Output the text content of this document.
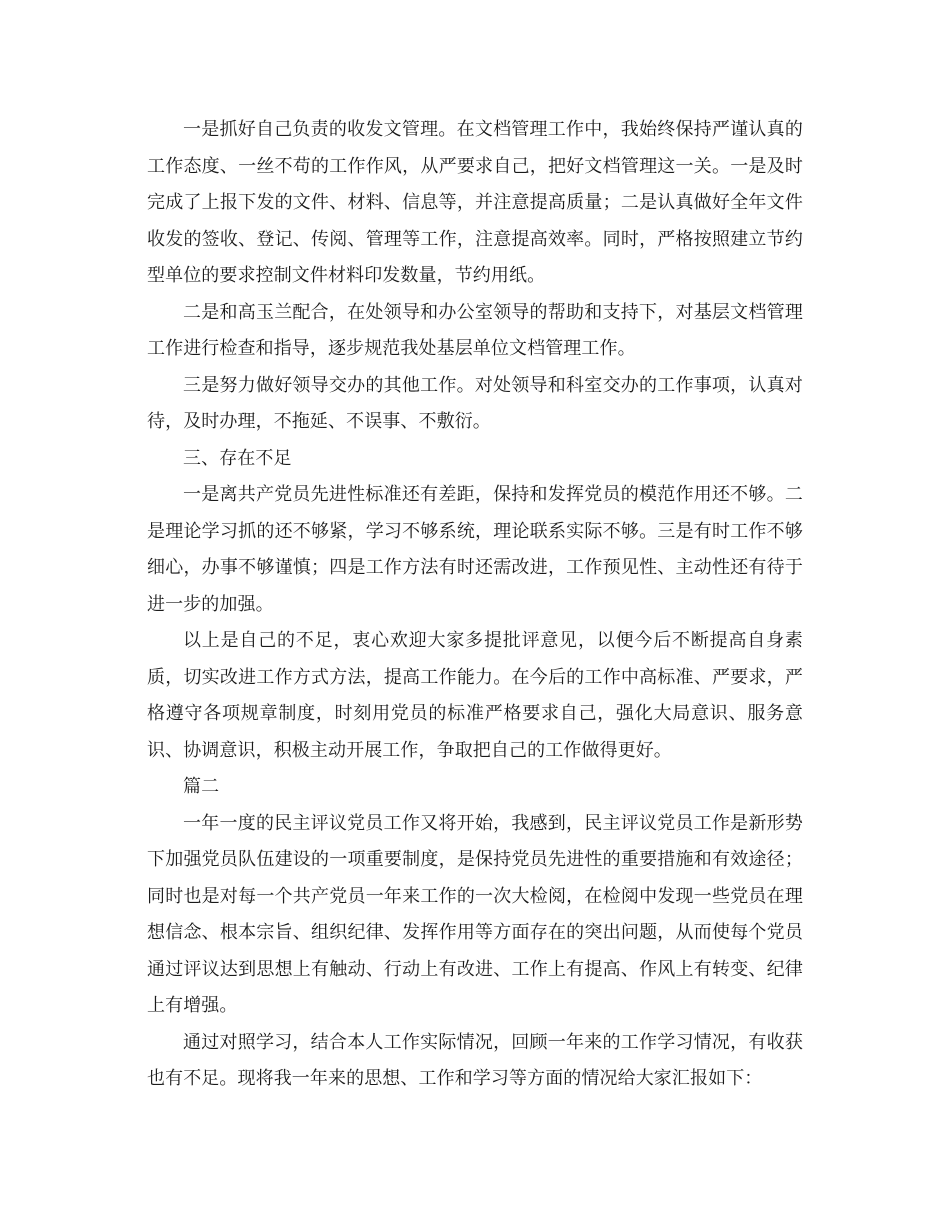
一是抓好自己负责的收发文管理。在文档管理工作中，我始终保持严谨认真的工作态度、一丝不苟的工作作风，从严要求自己，把好文档管理这一关。一是及时完成了上报下发的文件、材料、信息等，并注意提高质量；二是认真做好全年文件收发的签收、登记、传阅、管理等工作，注意提高效率。同时，严格按照建立节约型单位的要求控制文件材料印发数量，节约用纸。

二是和高玉兰配合，在处领导和办公室领导的帮助和支持下，对基层文档管理工作进行检查和指导，逐步规范我处基层单位文档管理工作。

三是努力做好领导交办的其他工作。对处领导和科室交办的工作事项，认真对待，及时办理，不拖延、不误事、不敷衍。

三、存在不足

一是离共产党员先进性标准还有差距，保持和发挥党员的模范作用还不够。二是理论学习抓的还不够紧，学习不够系统，理论联系实际不够。三是有时工作不够细心，办事不够谨慎；四是工作方法有时还需改进，工作预见性、主动性还有待于进一步的加强。

以上是自己的不足，衷心欢迎大家多提批评意见，以便今后不断提高自身素质，切实改进工作方式方法，提高工作能力。在今后的工作中高标准、严要求，严格遵守各项规章制度，时刻用党员的标准严格要求自己，强化大局意识、服务意识、协调意识，积极主动开展工作，争取把自己的工作做得更好。

篇二

一年一度的民主评议党员工作又将开始，我感到，民主评议党员工作是新形势下加强党员队伍建设的一项重要制度，是保持党员先进性的重要措施和有效途径；同时也是对每一个共产党员一年来工作的一次大检阅，在检阅中发现一些党员在理想信念、根本宗旨、组织纪律、发挥作用等方面存在的突出问题，从而使每个党员通过评议达到思想上有触动、行动上有改进、工作上有提高、作风上有转变、纪律上有增强。

通过对照学习，结合本人工作实际情况，回顾一年来的工作学习情况，有收获也有不足。现将我一年来的思想、工作和学习等方面的情况给大家汇报如下：
